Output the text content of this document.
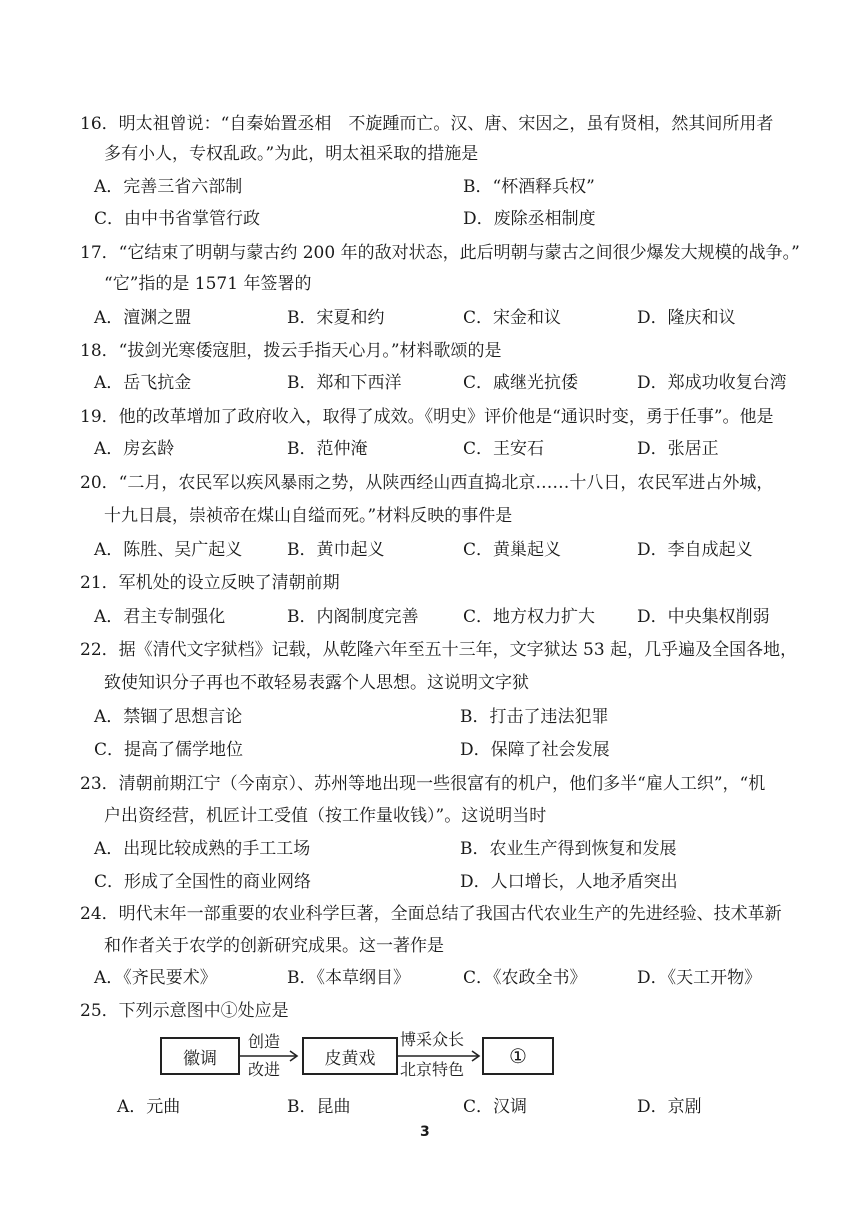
16．明太祖曾说：“自秦始置丞相　不旋踵而亡。汉、唐、宋因之，虽有贤相，然其间所用者
多有小人，专权乱政。”为此，明太祖采取的措施是
A．完善三省六部制	B．“杯酒释兵权”
C．由中书省掌管行政	D．废除丞相制度
17．“它结束了明朝与蒙古约 200 年的敌对状态，此后明朝与蒙古之间很少爆发大规模的战争。”
“它”指的是 1571 年签署的
A．澶渊之盟	B．宋夏和约	C．宋金和议	D．隆庆和议
18．“拔剑光寒倭寇胆，拨云手指天心月。”材料歌颂的是
A．岳飞抗金	B．郑和下西洋	C．戚继光抗倭	D．郑成功收复台湾
19．他的改革增加了政府收入，取得了成效。《明史》评价他是“通识时变，勇于任事”。他是
A．房玄龄	B．范仲淹	C．王安石	D．张居正
20．“二月，农民军以疾风暴雨之势，从陕西经山西直捣北京……十八日，农民军进占外城，
十九日晨，崇祯帝在煤山自缢而死。”材料反映的事件是
A．陈胜、吴广起义	B．黄巾起义	C．黄巢起义	D．李自成起义
21．军机处的设立反映了清朝前期
A．君主专制强化	B．内阁制度完善	C．地方权力扩大 D．中央集权削弱
22．据《清代文字狱档》记载，从乾隆六年至五十三年，文字狱达 53 起，几乎遍及全国各地，
致使知识分子再也不敢轻易表露个人思想。这说明文字狱
A．禁锢了思想言论	B．打击了违法犯罪
C．提高了儒学地位	D．保障了社会发展
23．清朝前期江宁（今南京）、苏州等地出现一些很富有的机户，他们多半“雇人工织”，“机
户出资经营，机匠计工受值（按工作量收钱）”。这说明当时
A．出现比较成熟的手工工场	B．农业生产得到恢复和发展
C．形成了全国性的商业网络	D．人口增长，人地矛盾突出
24．明代末年一部重要的农业科学巨著，全面总结了我国古代农业生产的先进经验、技术革新
和作者关于农学的创新研究成果。这一著作是
A．《齐民要术》	B．《本草纲目》	C．《农政全书》	D．《天工开物》
25．下列示意图中①处应是
徽调
创造
改进
皮黄戏
博采众长
北京特色
①
A．元曲	B．昆曲	C．汉调	D．京剧
3
